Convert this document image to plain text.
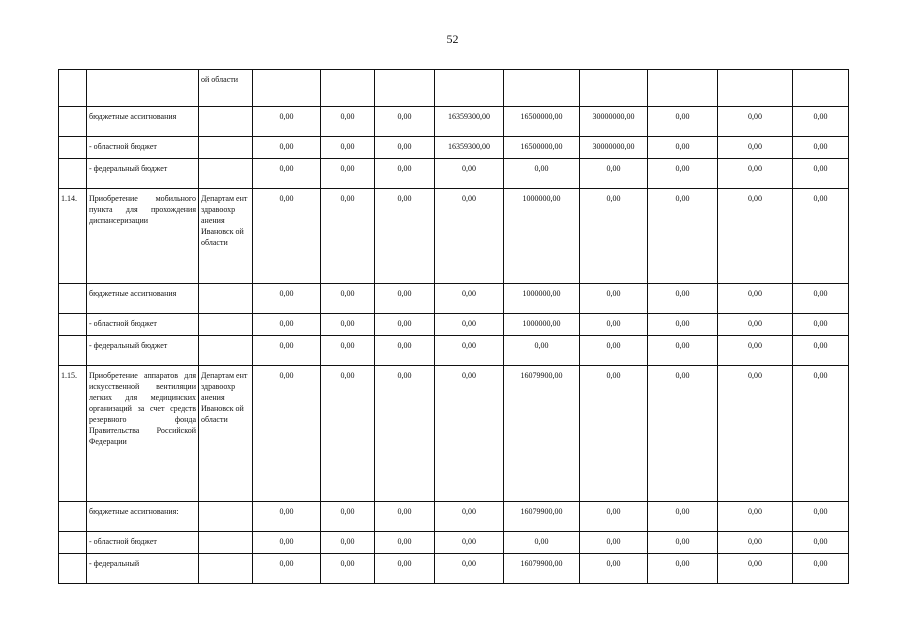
52
		ой области									
	бюджетные ассигнования		0,00	0,00	0,00	16359300,00	16500000,00	30000000,00	0,00	0,00	0,00
	- областной бюджет		0,00	0,00	0,00	16359300,00	16500000,00	30000000,00	0,00	0,00	0,00
	- федеральный бюджет		0,00	0,00	0,00	0,00	0,00	0,00	0,00	0,00	0,00
1.14.	Приобретение мобильного пункта для прохождения диспансеризации	Департам ент здравоохр анения Ивановск ой области	0,00	0,00	0,00	0,00	1000000,00	0,00	0,00	0,00	0,00
	бюджетные ассигнования		0,00	0,00	0,00	0,00	1000000,00	0,00	0,00	0,00	0,00
	- областной бюджет		0,00	0,00	0,00	0,00	1000000,00	0,00	0,00	0,00	0,00
	- федеральный бюджет		0,00	0,00	0,00	0,00	0,00	0,00	0,00	0,00	0,00
1.15.	Приобретение аппаратов для искусственной вентиляции легких для медицинских организаций за счет средств резервного фонда Правительства Российской Федерации	Департам ент здравоохр анения Ивановск ой области	0,00	0,00	0,00	0,00	16079900,00	0,00	0,00	0,00	0,00
	бюджетные ассигнования:		0,00	0,00	0,00	0,00	16079900,00	0,00	0,00	0,00	0,00
	- областной бюджет		0,00	0,00	0,00	0,00	0,00	0,00	0,00	0,00	0,00
	- федеральный		0,00	0,00	0,00	0,00	16079900,00	0,00	0,00	0,00	0,00
